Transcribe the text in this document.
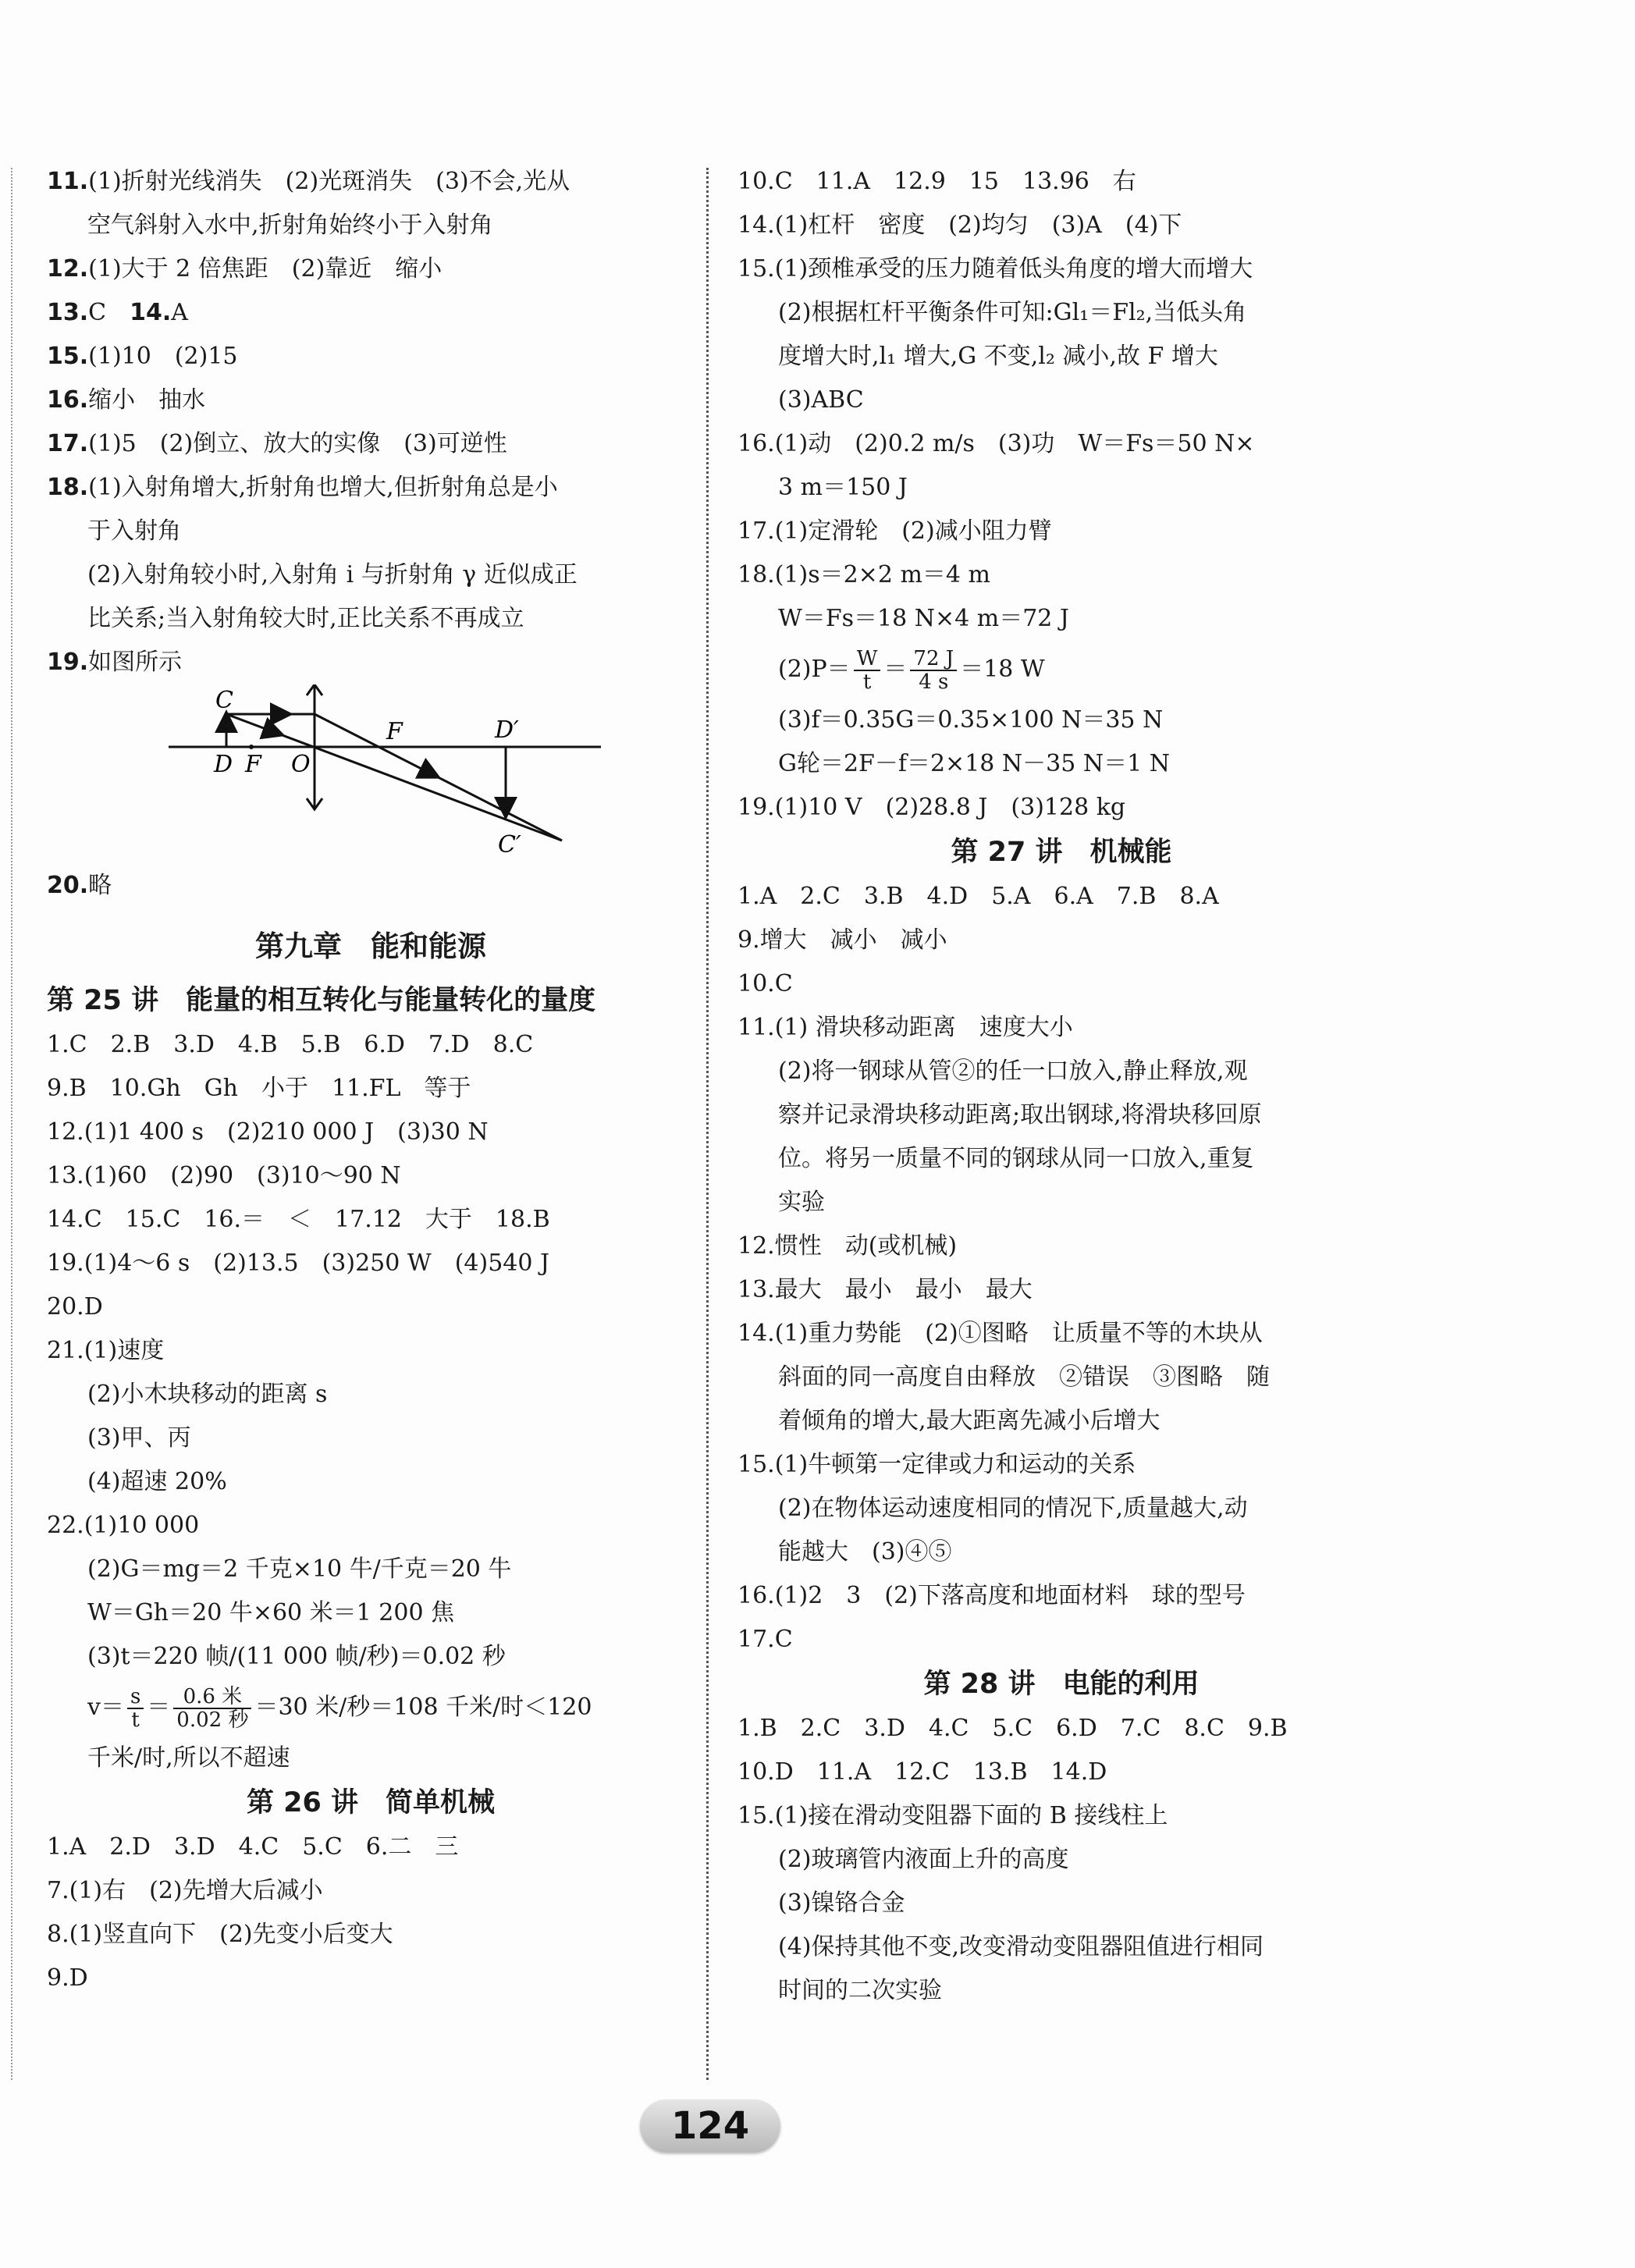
11.(1)折射光线消失　(2)光斑消失　(3)不会,光从
空气斜射入水中,折射角始终小于入射角
12.(1)大于 2 倍焦距　(2)靠近　缩小
13.C　 14.A
15.(1)10　(2)15
16.缩小　抽水
17.(1)5　(2)倒立、放大的实像　(3)可逆性
18.(1)入射角增大,折射角也增大,但折射角总是小
于入射角
(2)入射角较小时,入射角 i 与折射角 γ 近似成正
比关系;当入射角较大时,正比关系不再成立
19.如图所示
C
D F O
F	D′
C′
20.略
第九章　能和能源
第 25 讲　能量的相互转化与能量转化的量度
1.C　2.B　3.D　4.B　5.B　6.D　7.D　8.C
9.B　10.Gh　Gh　小于　11.FL　等于
12.(1)1 400 s　(2)210 000 J　(3)30 N
13.(1)60　(2)90　(3)10～90 N
14.C　15.C　16.＝　＜　17.12　大于　18.B
19.(1)4～6 s　(2)13.5　(3)250 W　(4)540 J
20.D
21.(1)速度
(2)小木块移动的距离 s
(3)甲、丙
(4)超速 20%
22.(1)10 000
(2)G＝mg＝2 千克×10 牛/千克＝20 牛
W＝Gh＝20 牛×60 米＝1 200 焦
(3)t＝220 帧/(11 000 帧/秒)＝0.02 秒
$v= \frac{s}{t} = \frac{\text{0.6 米}}{\text{0.02 秒}} =30$ 米/秒＝108 千米/时＜120
千米/时,所以不超速
第 26 讲　简单机械
1.A　2.D　3.D　4.C　5.C　6.二　三
7.(1)右　(2)先增大后减小
8.(1)竖直向下　(2)先变小后变大
9.D
10.C　11.A　12.9　15　13.96　右
14.(1)杠杆　密度　(2)均匀　(3)A　(4)下
15.(1)颈椎承受的压力随着低头角度的增大而增大
(2)根据杠杆平衡条件可知:Gl₁＝Fl₂,当低头角
度增大时,l₁ 增大,G 不变,l₂ 减小,故 F 增大
(3)ABC
16.(1)动　(2)0.2 m/s　(3)功　W＝Fs＝50 N×
3 m＝150 J
17.(1)定滑轮　(2)减小阻力臂
18.(1)s＝2×2 m＝4 m
W＝Fs＝18 N×4 m＝72 J
$(2)P= \frac{W}{t} = \frac{72 J}{4 s} =18$ W
(3)f＝0.35G＝0.35×100 N＝35 N
G轮＝2F－f＝2×18 N－35 N＝1 N
19.(1)10 V　(2)28.8 J　(3)128 kg
第 27 讲　机械能
1.A　2.C　3.B　4.D　5.A　6.A　7.B　8.A
9.增大　减小　减小
10.C
11.(1) 滑块移动距离　速度大小
(2)将一钢球从管②的任一口放入,静止释放,观
察并记录滑块移动距离;取出钢球,将滑块移回原
位。将另一质量不同的钢球从同一口放入,重复
实验
12.惯性　动(或机械)
13.最大　最小　最小　最大
14.(1)重力势能　(2)①图略　让质量不等的木块从
斜面的同一高度自由释放　②错误　③图略　随
着倾角的增大,最大距离先减小后增大
15.(1)牛顿第一定律或力和运动的关系
(2)在物体运动速度相同的情况下,质量越大,动
能越大　(3)④⑤
16.(1)2　3　(2)下落高度和地面材料　球的型号
17.C
第 28 讲　电能的利用
1.B　2.C　3.D　4.C　5.C　6.D　7.C　8.C　9.B
10.D　11.A　12.C　13.B　14.D
15.(1)接在滑动变阻器下面的 B 接线柱上
(2)玻璃管内液面上升的高度
(3)镍铬合金
(4)保持其他不变,改变滑动变阻器阻值进行相同
时间的二次实验
124
